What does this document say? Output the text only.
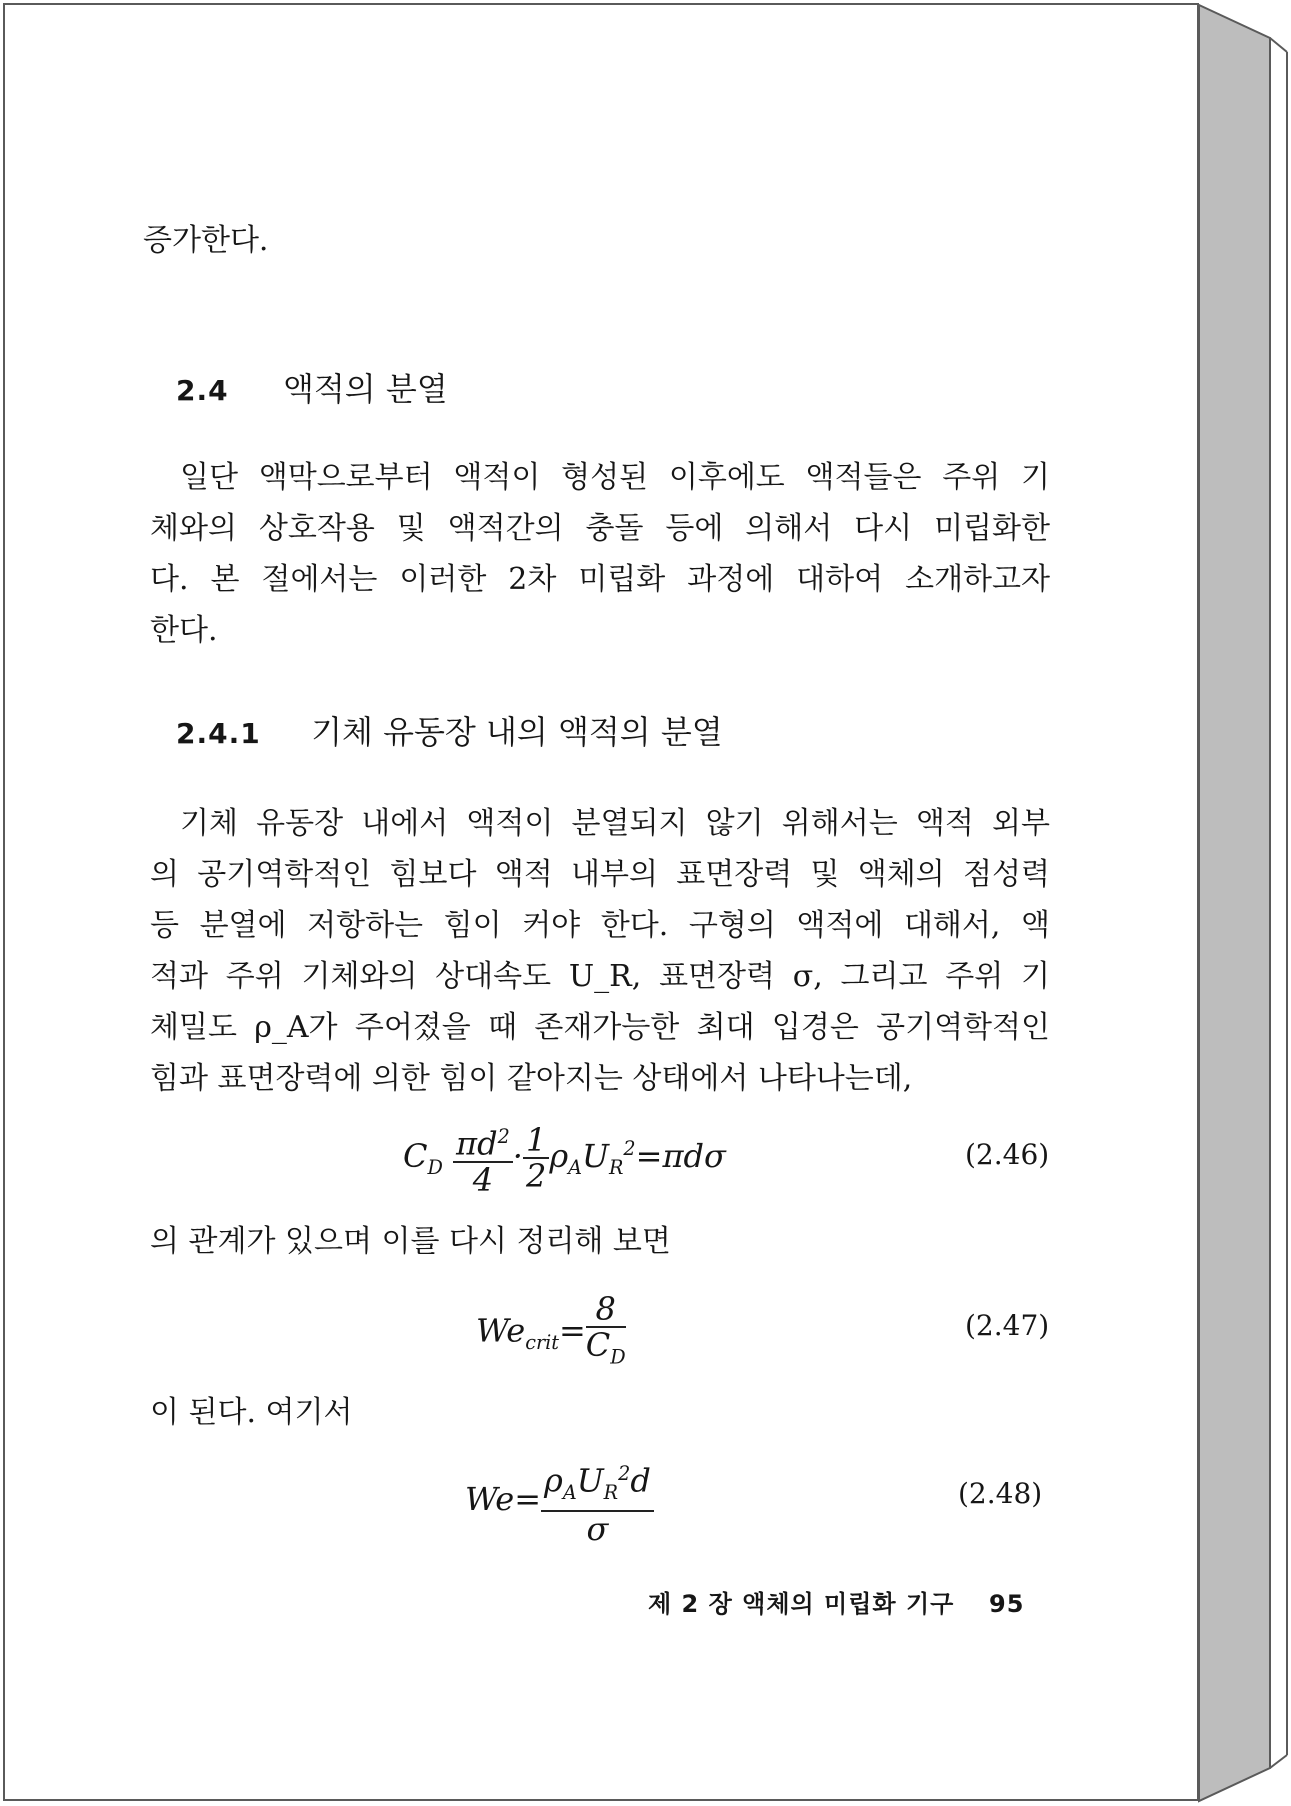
증가한다.
2.4 액적의 분열
일단 액막으로부터 액적이 형성된 이후에도 액적들은 주위 기
체와의 상호작용 및 액적간의 충돌 등에 의해서 다시 미립화한
다. 본 절에서는 이러한 2차 미립화 과정에 대하여 소개하고자
한다.
2.4.1 기체 유동장 내의 액적의 분열
기체 유동장 내에서 액적이 분열되지 않기 위해서는 액적 외부
의 공기역학적인 힘보다 액적 내부의 표면장력 및 액체의 점성력
등 분열에 저항하는 힘이 커야 한다. 구형의 액적에 대해서, 액
적과 주위 기체와의 상대속도 U_R, 표면장력 σ, 그리고 주위 기
체밀도 ρ_A가 주어졌을 때 존재가능한 최대 입경은 공기역학적인
힘과 표면장력에 의한 힘이 같아지는 상태에서 나타나는데,
$C_D \frac{\pi d^2}{4} \cdot \frac{1}{2} \rho_AU_R^2=\pi d\sigma$	(2.46)
의 관계가 있으며 이를 다시 정리해 보면
$We_{crit}= \frac{8}{C_D}$	(2.47)
이 된다. 여기서
$We= \frac{\rho_AU_R^2d}{\sigma}$	(2.48)
제 2 장 액체의 미립화 기구 95
